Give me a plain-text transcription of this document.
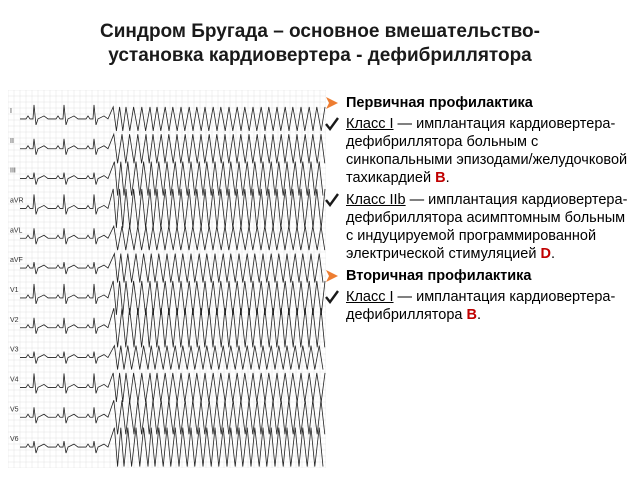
Синдром Бругада – основное вмешательство-
установка кардиовертера - дефибриллятора
I
II
III
aVR
aVL
aVF
V1
V2
V3
V4
V5
V6
Первичная профилактика
Класс I — имплантация кардиовертера-дефибриллятора больным с синкопальными эпизодами/желудочковой тахикардией B.
Класс IIb — имплантация кардиовертера-дефибриллятора асимптомным больным с индуцируемой программированной электрической стимуляцией D.
Вторичная профилактика
Класс I — имплантация кардиовертера-дефибриллятора B.
